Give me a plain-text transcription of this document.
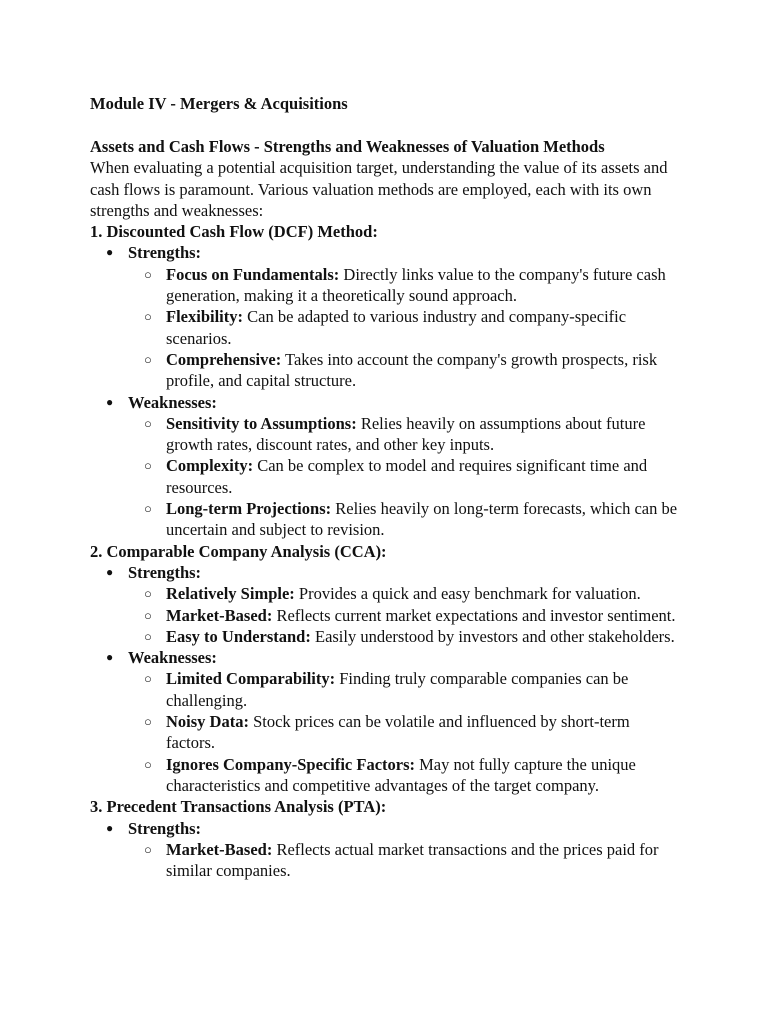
Module IV - Mergers & Acquisitions
Assets and Cash Flows - Strengths and Weaknesses of Valuation Methods

When evaluating a potential acquisition target, understanding the value of its assets and cash flows is paramount. Various valuation methods are employed, each with its own strengths and weaknesses:

1. Discounted Cash Flow (DCF) Method:
● Strengths:
○ Focus on Fundamentals: Directly links value to the company's future cash generation, making it a theoretically sound approach.
○ Flexibility: Can be adapted to various industry and company-specific scenarios.
○ Comprehensive: Takes into account the company's growth prospects, risk profile, and capital structure.
● Weaknesses:
○ Sensitivity to Assumptions: Relies heavily on assumptions about future growth rates, discount rates, and other key inputs.
○ Complexity: Can be complex to model and requires significant time and resources.
○ Long-term Projections: Relies heavily on long-term forecasts, which can be uncertain and subject to revision.
2. Comparable Company Analysis (CCA):
● Strengths:
○ Relatively Simple: Provides a quick and easy benchmark for valuation.
○ Market-Based: Reflects current market expectations and investor sentiment.
○ Easy to Understand: Easily understood by investors and other stakeholders.
● Weaknesses:
○ Limited Comparability: Finding truly comparable companies can be challenging.
○ Noisy Data: Stock prices can be volatile and influenced by short-term factors.
○ Ignores Company-Specific Factors: May not fully capture the unique characteristics and competitive advantages of the target company.
3. Precedent Transactions Analysis (PTA):
● Strengths:
○ Market-Based: Reflects actual market transactions and the prices paid for similar companies.
